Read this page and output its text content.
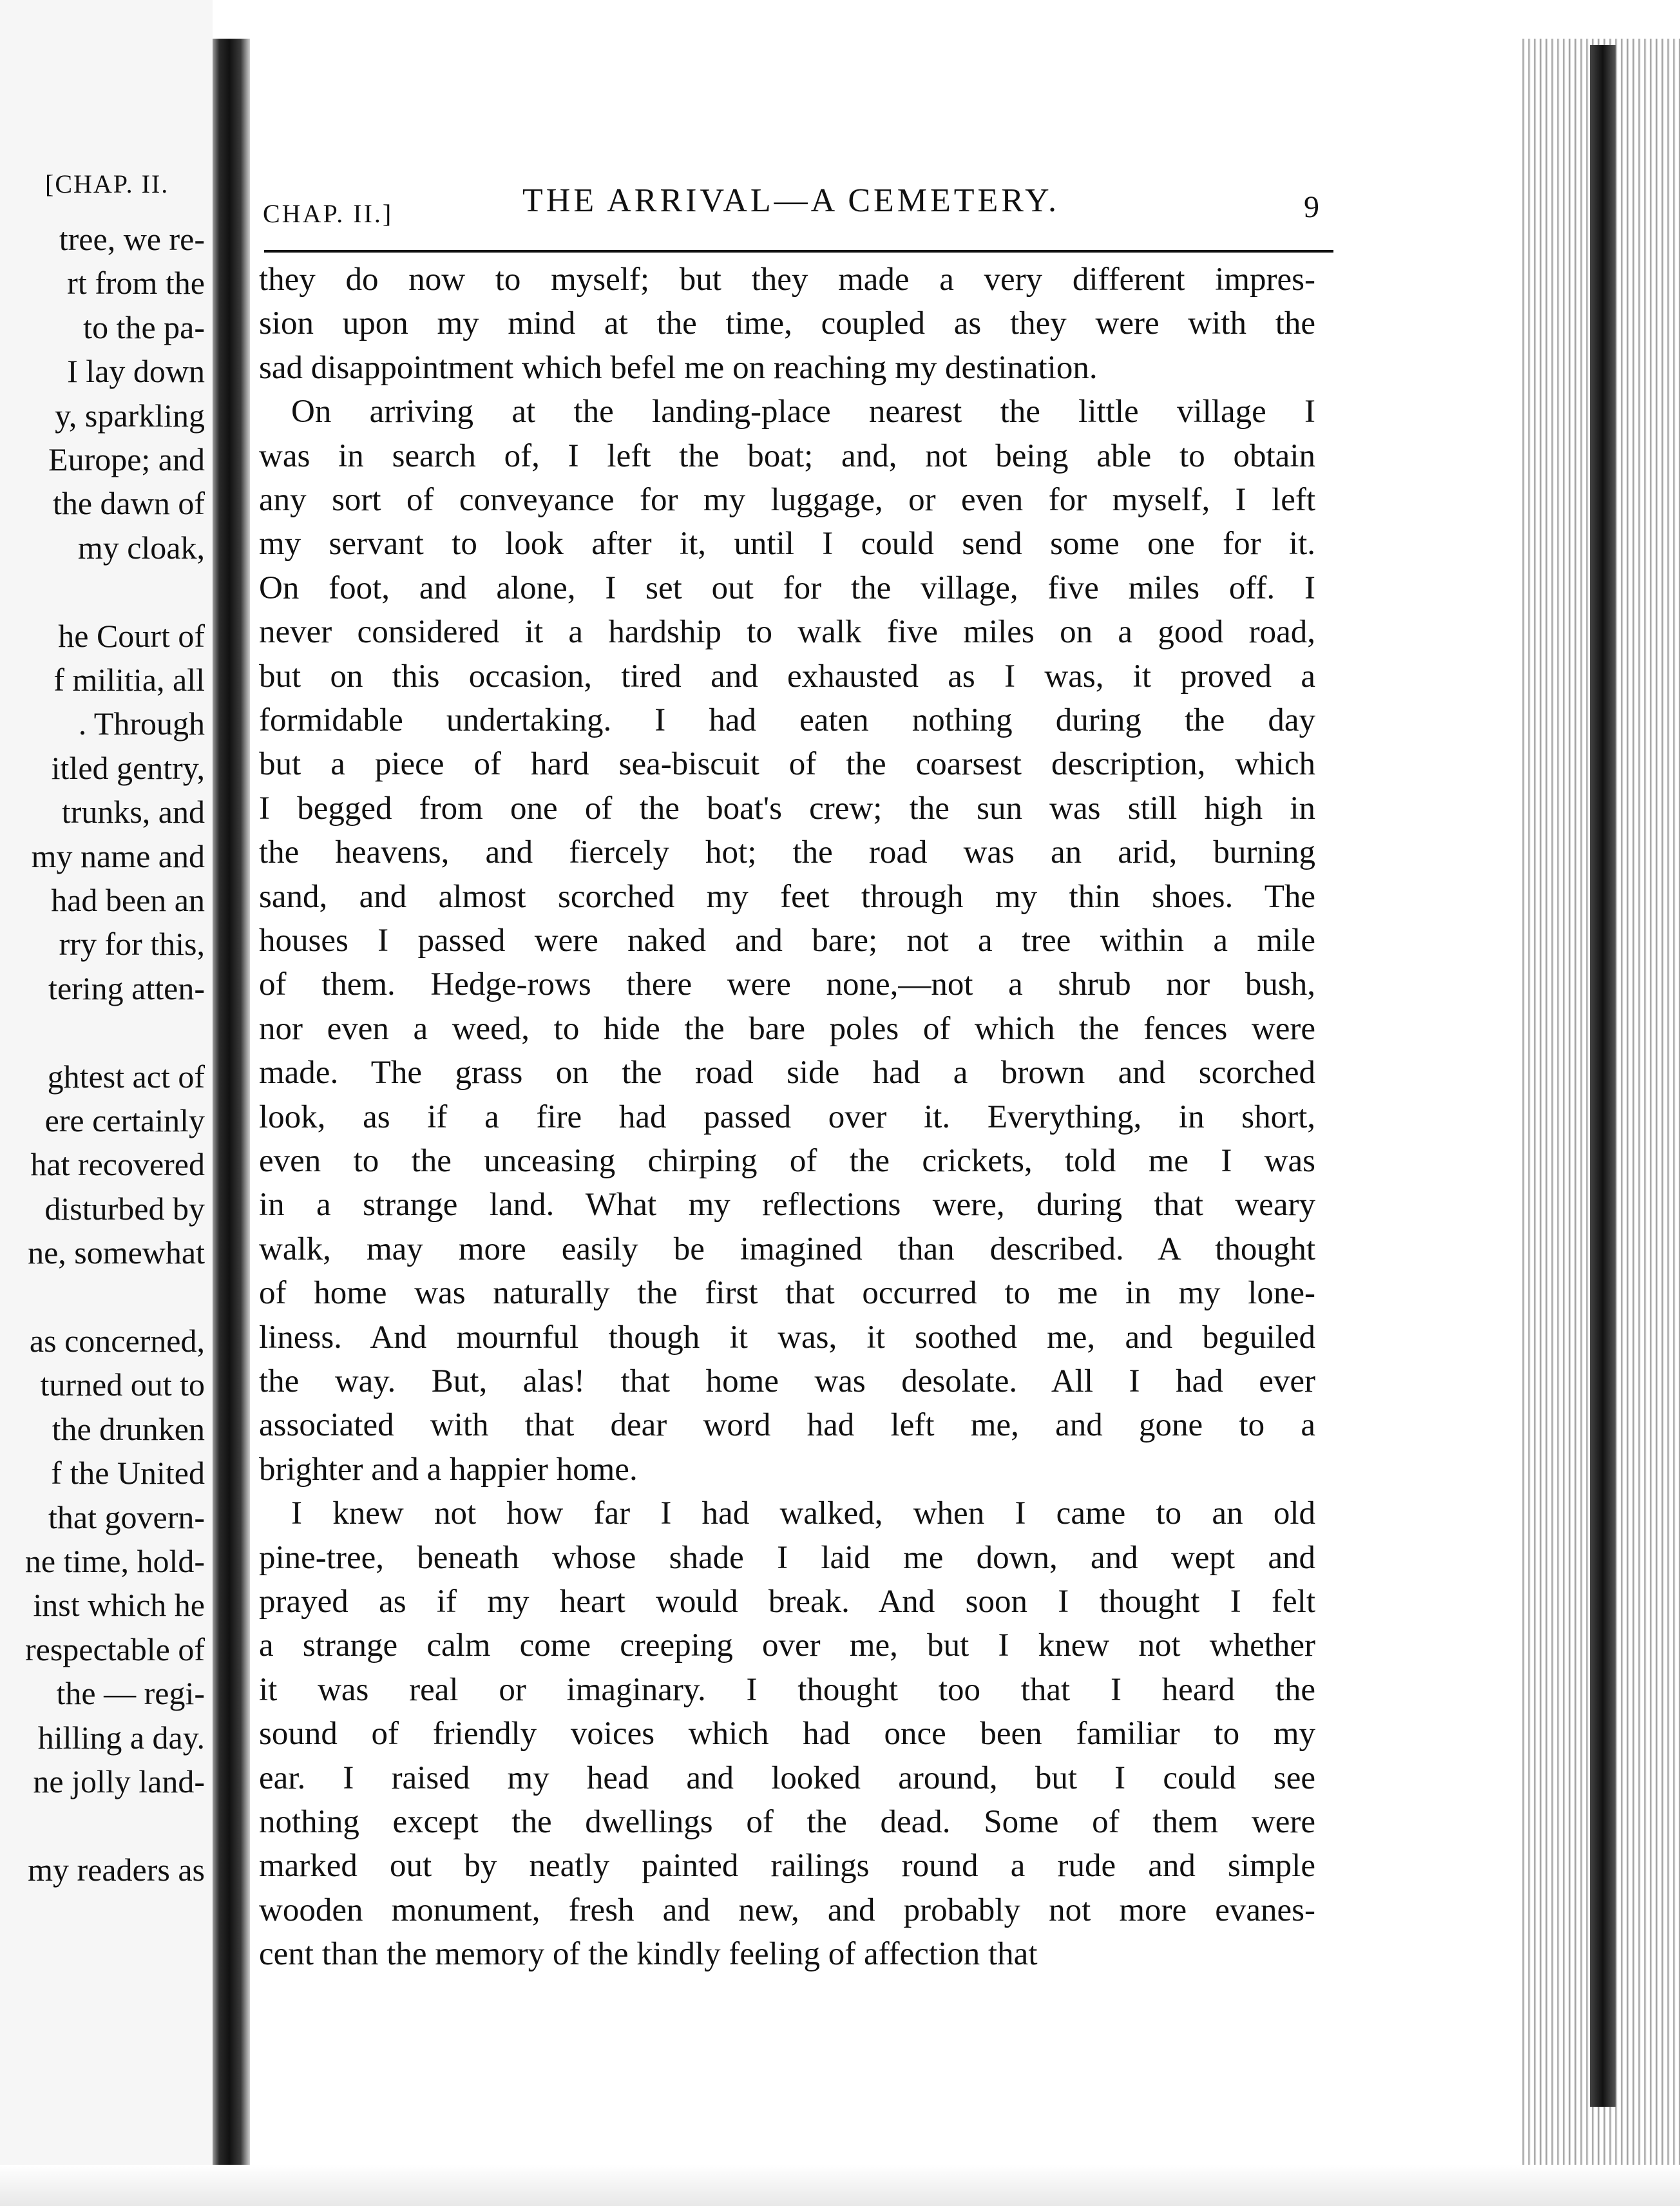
[CHAP. II.
tree, we re-
rt from the
to the pa-
I lay down
y, sparkling
Europe; and
the dawn of
my cloak,
he Court of
f militia, all
. Through
itled gentry,
trunks, and
my name and
had been an
rry for this,
tering atten-
ghtest act of
ere certainly
hat recovered
disturbed by
ne, somewhat
as concerned,
turned out to
the drunken
f the United
that govern-
ne time, hold-
inst which he
respectable of
the — regi-
hilling a day.
ne jolly land-
my readers as
CHAP. II.]	THE ARRIVAL—A CEMETERY.	9
they do now to myself; but they made a very different impres-
sion upon my mind at the time, coupled as they were with the
sad disappointment which befel me on reaching my destination.
On arriving at the landing-place nearest the little village I
was in search of, I left the boat; and, not being able to obtain
any sort of conveyance for my luggage, or even for myself, I left
my servant to look after it, until I could send some one for it.
On foot, and alone, I set out for the village, five miles off. I
never considered it a hardship to walk five miles on a good road,
but on this occasion, tired and exhausted as I was, it proved a
formidable undertaking. I had eaten nothing during the day
but a piece of hard sea-biscuit of the coarsest description, which
I begged from one of the boat's crew; the sun was still high in
the heavens, and fiercely hot; the road was an arid, burning
sand, and almost scorched my feet through my thin shoes. The
houses I passed were naked and bare; not a tree within a mile
of them. Hedge-rows there were none,—not a shrub nor bush,
nor even a weed, to hide the bare poles of which the fences were
made. The grass on the road side had a brown and scorched
look, as if a fire had passed over it. Everything, in short,
even to the unceasing chirping of the crickets, told me I was
in a strange land. What my reflections were, during that weary
walk, may more easily be imagined than described. A thought
of home was naturally the first that occurred to me in my lone-
liness. And mournful though it was, it soothed me, and beguiled
the way. But, alas! that home was desolate. All I had ever
associated with that dear word had left me, and gone to a
brighter and a happier home.
I knew not how far I had walked, when I came to an old
pine-tree, beneath whose shade I laid me down, and wept and
prayed as if my heart would break. And soon I thought I felt
a strange calm come creeping over me, but I knew not whether
it was real or imaginary. I thought too that I heard the
sound of friendly voices which had once been familiar to my
ear. I raised my head and looked around, but I could see
nothing except the dwellings of the dead. Some of them were
marked out by neatly painted railings round a rude and simple
wooden monument, fresh and new, and probably not more evanes-
cent than the memory of the kindly feeling of affection that
